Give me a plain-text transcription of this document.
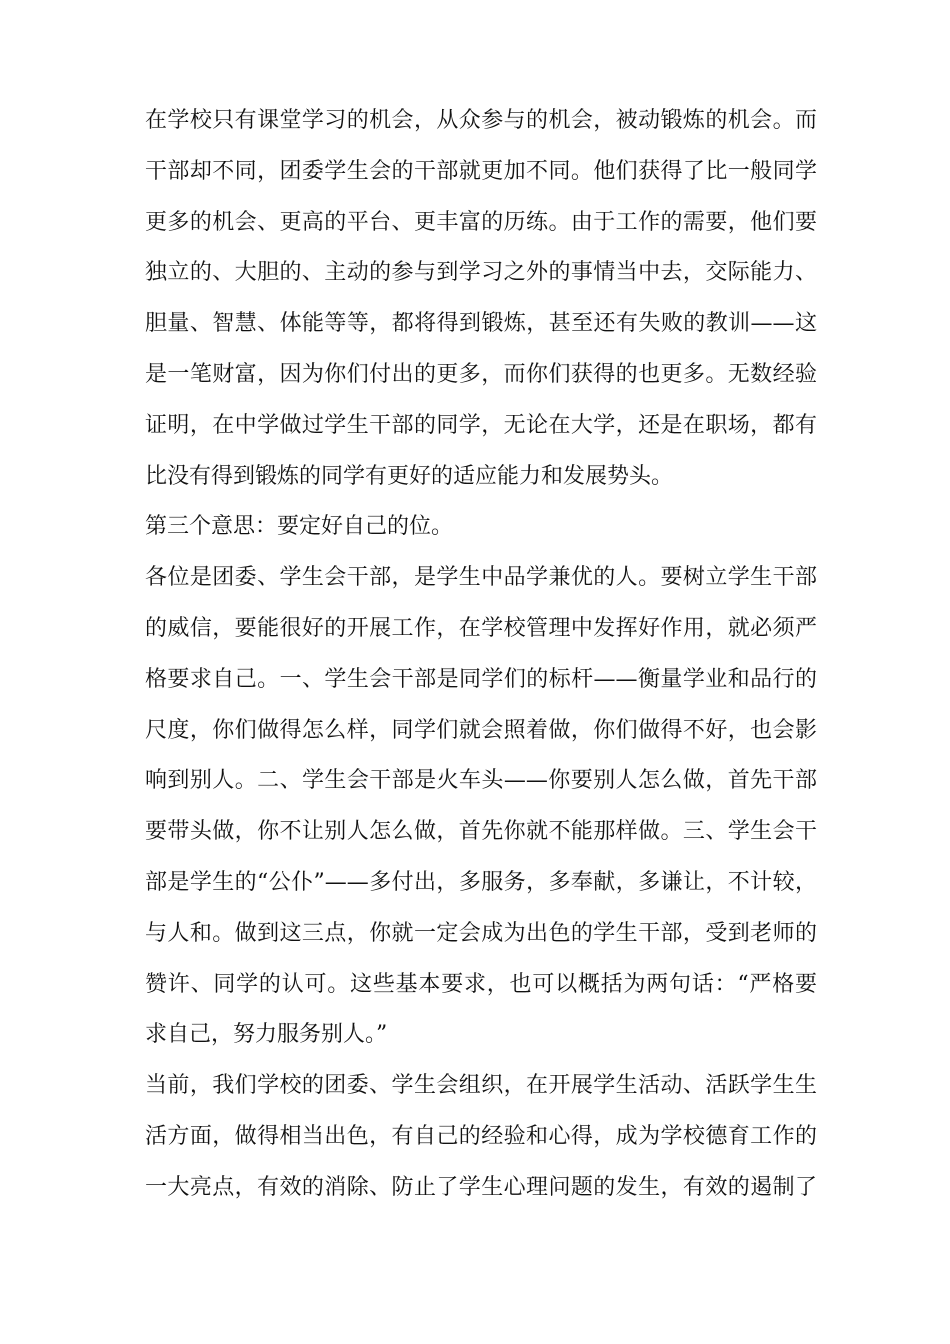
在学校只有课堂学习的机会，从众参与的机会，被动锻炼的机会。而
干部却不同，团委学生会的干部就更加不同。他们获得了比一般同学
更多的机会、更高的平台、更丰富的历练。由于工作的需要，他们要
独立的、大胆的、主动的参与到学习之外的事情当中去，交际能力、
胆量、智慧、体能等等，都将得到锻炼，甚至还有失败的教训——这
是一笔财富，因为你们付出的更多，而你们获得的也更多。无数经验
证明，在中学做过学生干部的同学，无论在大学，还是在职场，都有
比没有得到锻炼的同学有更好的适应能力和发展势头。
第三个意思：要定好自己的位。
各位是团委、学生会干部，是学生中品学兼优的人。要树立学生干部
的威信，要能很好的开展工作，在学校管理中发挥好作用，就必须严
格要求自己。一、学生会干部是同学们的标杆——衡量学业和品行的
尺度，你们做得怎么样，同学们就会照着做，你们做得不好，也会影
响到别人。二、学生会干部是火车头——你要别人怎么做，首先干部
要带头做，你不让别人怎么做，首先你就不能那样做。三、学生会干
部是学生的“公仆”——多付出，多服务，多奉献，多谦让，不计较，
与人和。做到这三点，你就一定会成为出色的学生干部，受到老师的
赞许、同学的认可。这些基本要求，也可以概括为两句话：“严格要
求自己，努力服务别人。”
当前，我们学校的团委、学生会组织，在开展学生活动、活跃学生生
活方面，做得相当出色，有自己的经验和心得，成为学校德育工作的
一大亮点，有效的消除、防止了学生心理问题的发生，有效的遏制了
